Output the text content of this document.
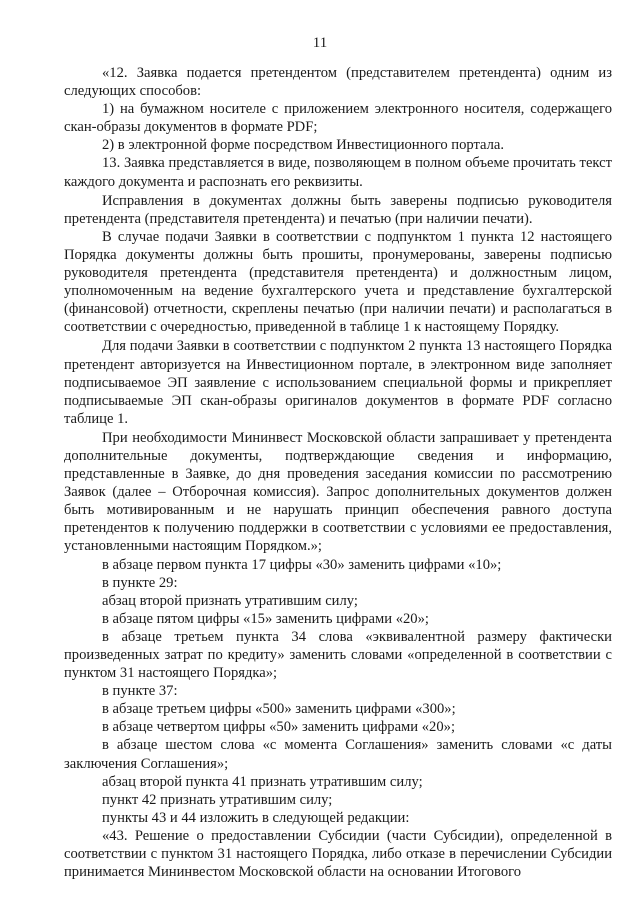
11

«12. Заявка подается претендентом (представителем претендента) одним из следующих способов:

1) на бумажном носителе с приложением электронного носителя, содержащего скан-образы документов в формате PDF;

2) в электронной форме посредством Инвестиционного портала.

13. Заявка представляется в виде, позволяющем в полном объеме прочитать текст каждого документа и распознать его реквизиты.

Исправления в документах должны быть заверены подписью руководителя претендента (представителя претендента) и печатью (при наличии печати).

В случае подачи Заявки в соответствии с подпунктом 1 пункта 12 настоящего Порядка документы должны быть прошиты, пронумерованы, заверены подписью руководителя претендента (представителя претендента) и должностным лицом, уполномоченным на ведение бухгалтерского учета и представление бухгалтерской (финансовой) отчетности, скреплены печатью (при наличии печати) и располагаться в соответствии с очередностью, приведенной в таблице 1 к настоящему Порядку.

Для подачи Заявки в соответствии с подпунктом 2 пункта 13 настоящего Порядка претендент авторизуется на Инвестиционном портале, в электронном виде заполняет подписываемое ЭП заявление с использованием специальной формы и прикрепляет подписываемые ЭП скан-образы оригиналов документов в формате PDF согласно таблице 1.

При необходимости Мининвест Московской области запрашивает у претендента дополнительные документы, подтверждающие сведения и информацию, представленные в Заявке, до дня проведения заседания комиссии по рассмотрению Заявок (далее – Отборочная комиссия). Запрос дополнительных документов должен быть мотивированным и не нарушать принцип обеспечения равного доступа претендентов к получению поддержки в соответствии с условиями ее предоставления, установленными настоящим Порядком.»;

в абзаце первом пункта 17 цифры «30» заменить цифрами «10»;

в пункте 29:

абзац второй признать утратившим силу;

в абзаце пятом цифры «15» заменить цифрами «20»;

в абзаце третьем пункта 34 слова «эквивалентной размеру фактически произведенных затрат по кредиту» заменить словами «определенной в соответствии с пунктом 31 настоящего Порядка»;

в пункте 37:

в абзаце третьем цифры «500» заменить цифрами «300»;

в абзаце четвертом цифры «50» заменить цифрами «20»;

в абзаце шестом слова «с момента Соглашения» заменить словами «с даты заключения Соглашения»;

абзац второй пункта 41 признать утратившим силу;

пункт 42 признать утратившим силу;

пункты 43 и 44 изложить в следующей редакции:

«43. Решение о предоставлении Субсидии (части Субсидии), определенной в соответствии с пунктом 31 настоящего Порядка, либо отказе в перечислении Субсидии принимается Мининвестом Московской области на основании Итогового
